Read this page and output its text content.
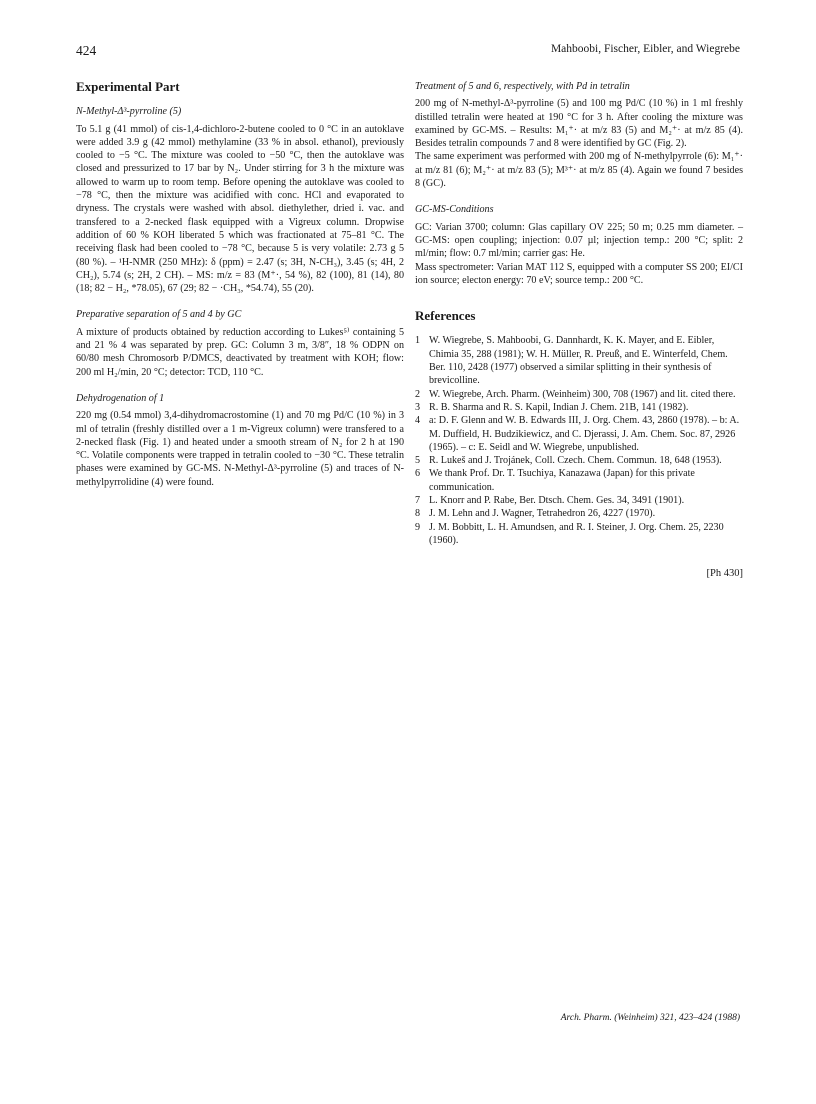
424	Mahboobi, Fischer, Eibler, and Wiegrebe
Experimental Part
N-Methyl-Δ³-pyrroline (5)

To 5.1 g (41 mmol) of cis-1,4-dichloro-2-butene cooled to 0 °C in an autoklave were added 3.9 g (42 mmol) methylamine (33 % in absol. ethanol), previously cooled to −5 °C. The mixture was cooled to −50 °C, then the autoklave was closed and pressurized to 17 bar by N₂. Under stirring for 3 h the mixture was allowed to warm up to room temp. Before opening the autoklave was cooled to −78 °C, then the mixture was acidified with conc. HCl and evaporated to dryness. The crystals were washed with absol. diethylether, dried i. vac. and transfered to a 2-necked flask equipped with a Vigreux column. Dropwise addition of 60 % KOH liberated 5 which was fractionated at 75–81 °C. The receiving flask had been cooled to −78 °C, because 5 is very volatile: 2.73 g 5 (80 %). – ¹H-NMR (250 MHz): δ (ppm) = 2.47 (s; 3H, N-CH₃), 3.45 (s; 4H, 2 CH₂), 5.74 (s; 2H, 2 CH). – MS: m/z = 83 (M⁺·, 54 %), 82 (100), 81 (14), 80 (18; 82 − H₂, *78.05), 67 (29; 82 − ·CH₃, *54.74), 55 (20).

Preparative separation of 5 and 4 by GC

A mixture of products obtained by reduction according to Lukes⁵⁾ containing 5 and 21 % 4 was separated by prep. GC: Column 3 m, 3/8″, 18 % ODPN on 60/80 mesh Chromosorb P/DMCS, deactivated by treatment with KOH; flow: 200 ml H₂/min, 20 °C; detector: TCD, 110 °C.

Dehydrogenation of 1

220 mg (0.54 mmol) 3,4-dihydromacrostomine (1) and 70 mg Pd/C (10 %) in 3 ml of tetralin (freshly distilled over a 1 m-Vigreux column) were transfered to a 2-necked flask (Fig. 1) and heated under a smooth stream of N₂ for 2 h at 190 °C. Volatile components were trapped in tetralin cooled to −30 °C. These tetralin phases were examined by GC-MS. N-Methyl-Δ³-pyrroline (5) and traces of N-methylpyrrolidine (4) were found.

Treatment of 5 and 6, respectively, with Pd in tetralin

200 mg of N-methyl-Δ³-pyrroline (5) and 100 mg Pd/C (10 %) in 1 ml freshly distilled tetralin were heated at 190 °C for 3 h. After cooling the mixture was examined by GC-MS. – Results: M₁⁺· at m/z 83 (5) and M₂⁺· at m/z 85 (4). Besides tetralin compounds 7 and 8 were identified by GC (Fig. 2).

The same experiment was performed with 200 mg of N-methylpyrrole (6): M₁⁺· at m/z 81 (6); M₂⁺· at m/z 83 (5); M³⁺· at m/z 85 (4). Again we found 7 besides 8 (GC).

GC-MS-Conditions

GC: Varian 3700; column: Glas capillary OV 225; 50 m; 0.25 mm diameter. – GC-MS: open coupling; injection: 0.07 µl; injection temp.: 200 °C; split: 2 ml/min; flow: 0.7 ml/min; carrier gas: He.

Mass spectrometer: Varian MAT 112 S, equipped with a computer SS 200; EI/CI ion source; electon energy: 70 eV; source temp.: 200 °C.

References
1 W. Wiegrebe, S. Mahboobi, G. Dannhardt, K. K. Mayer, and E. Eibler, Chimia 35, 288 (1981); W. H. Müller, R. Preuß, and E. Winterfeld, Chem. Ber. 110, 2428 (1977) observed a similar splitting in their synthesis of brevicolline.
2 W. Wiegrebe, Arch. Pharm. (Weinheim) 300, 708 (1967) and lit. cited there.
3 R. B. Sharma and R. S. Kapil, Indian J. Chem. 21B, 141 (1982).
4 a: D. F. Glenn and W. B. Edwards III, J. Org. Chem. 43, 2860 (1978). – b: A. M. Duffield, H. Budzikiewicz, and C. Djerassi, J. Am. Chem. Soc. 87, 2926 (1965). – c: E. Seidl and W. Wiegrebe, unpublished.
5 R. Lukeš and J. Trojánek, Coll. Czech. Chem. Commun. 18, 648 (1953).
6 We thank Prof. Dr. T. Tsuchiya, Kanazawa (Japan) for this private communication.
7 L. Knorr and P. Rabe, Ber. Dtsch. Chem. Ges. 34, 3491 (1901).
8 J. M. Lehn and J. Wagner, Tetrahedron 26, 4227 (1970).
9 J. M. Bobbitt, L. H. Amundsen, and R. I. Steiner, J. Org. Chem. 25, 2230 (1960).
[Ph 430]
Arch. Pharm. (Weinheim) 321, 423–424 (1988)
